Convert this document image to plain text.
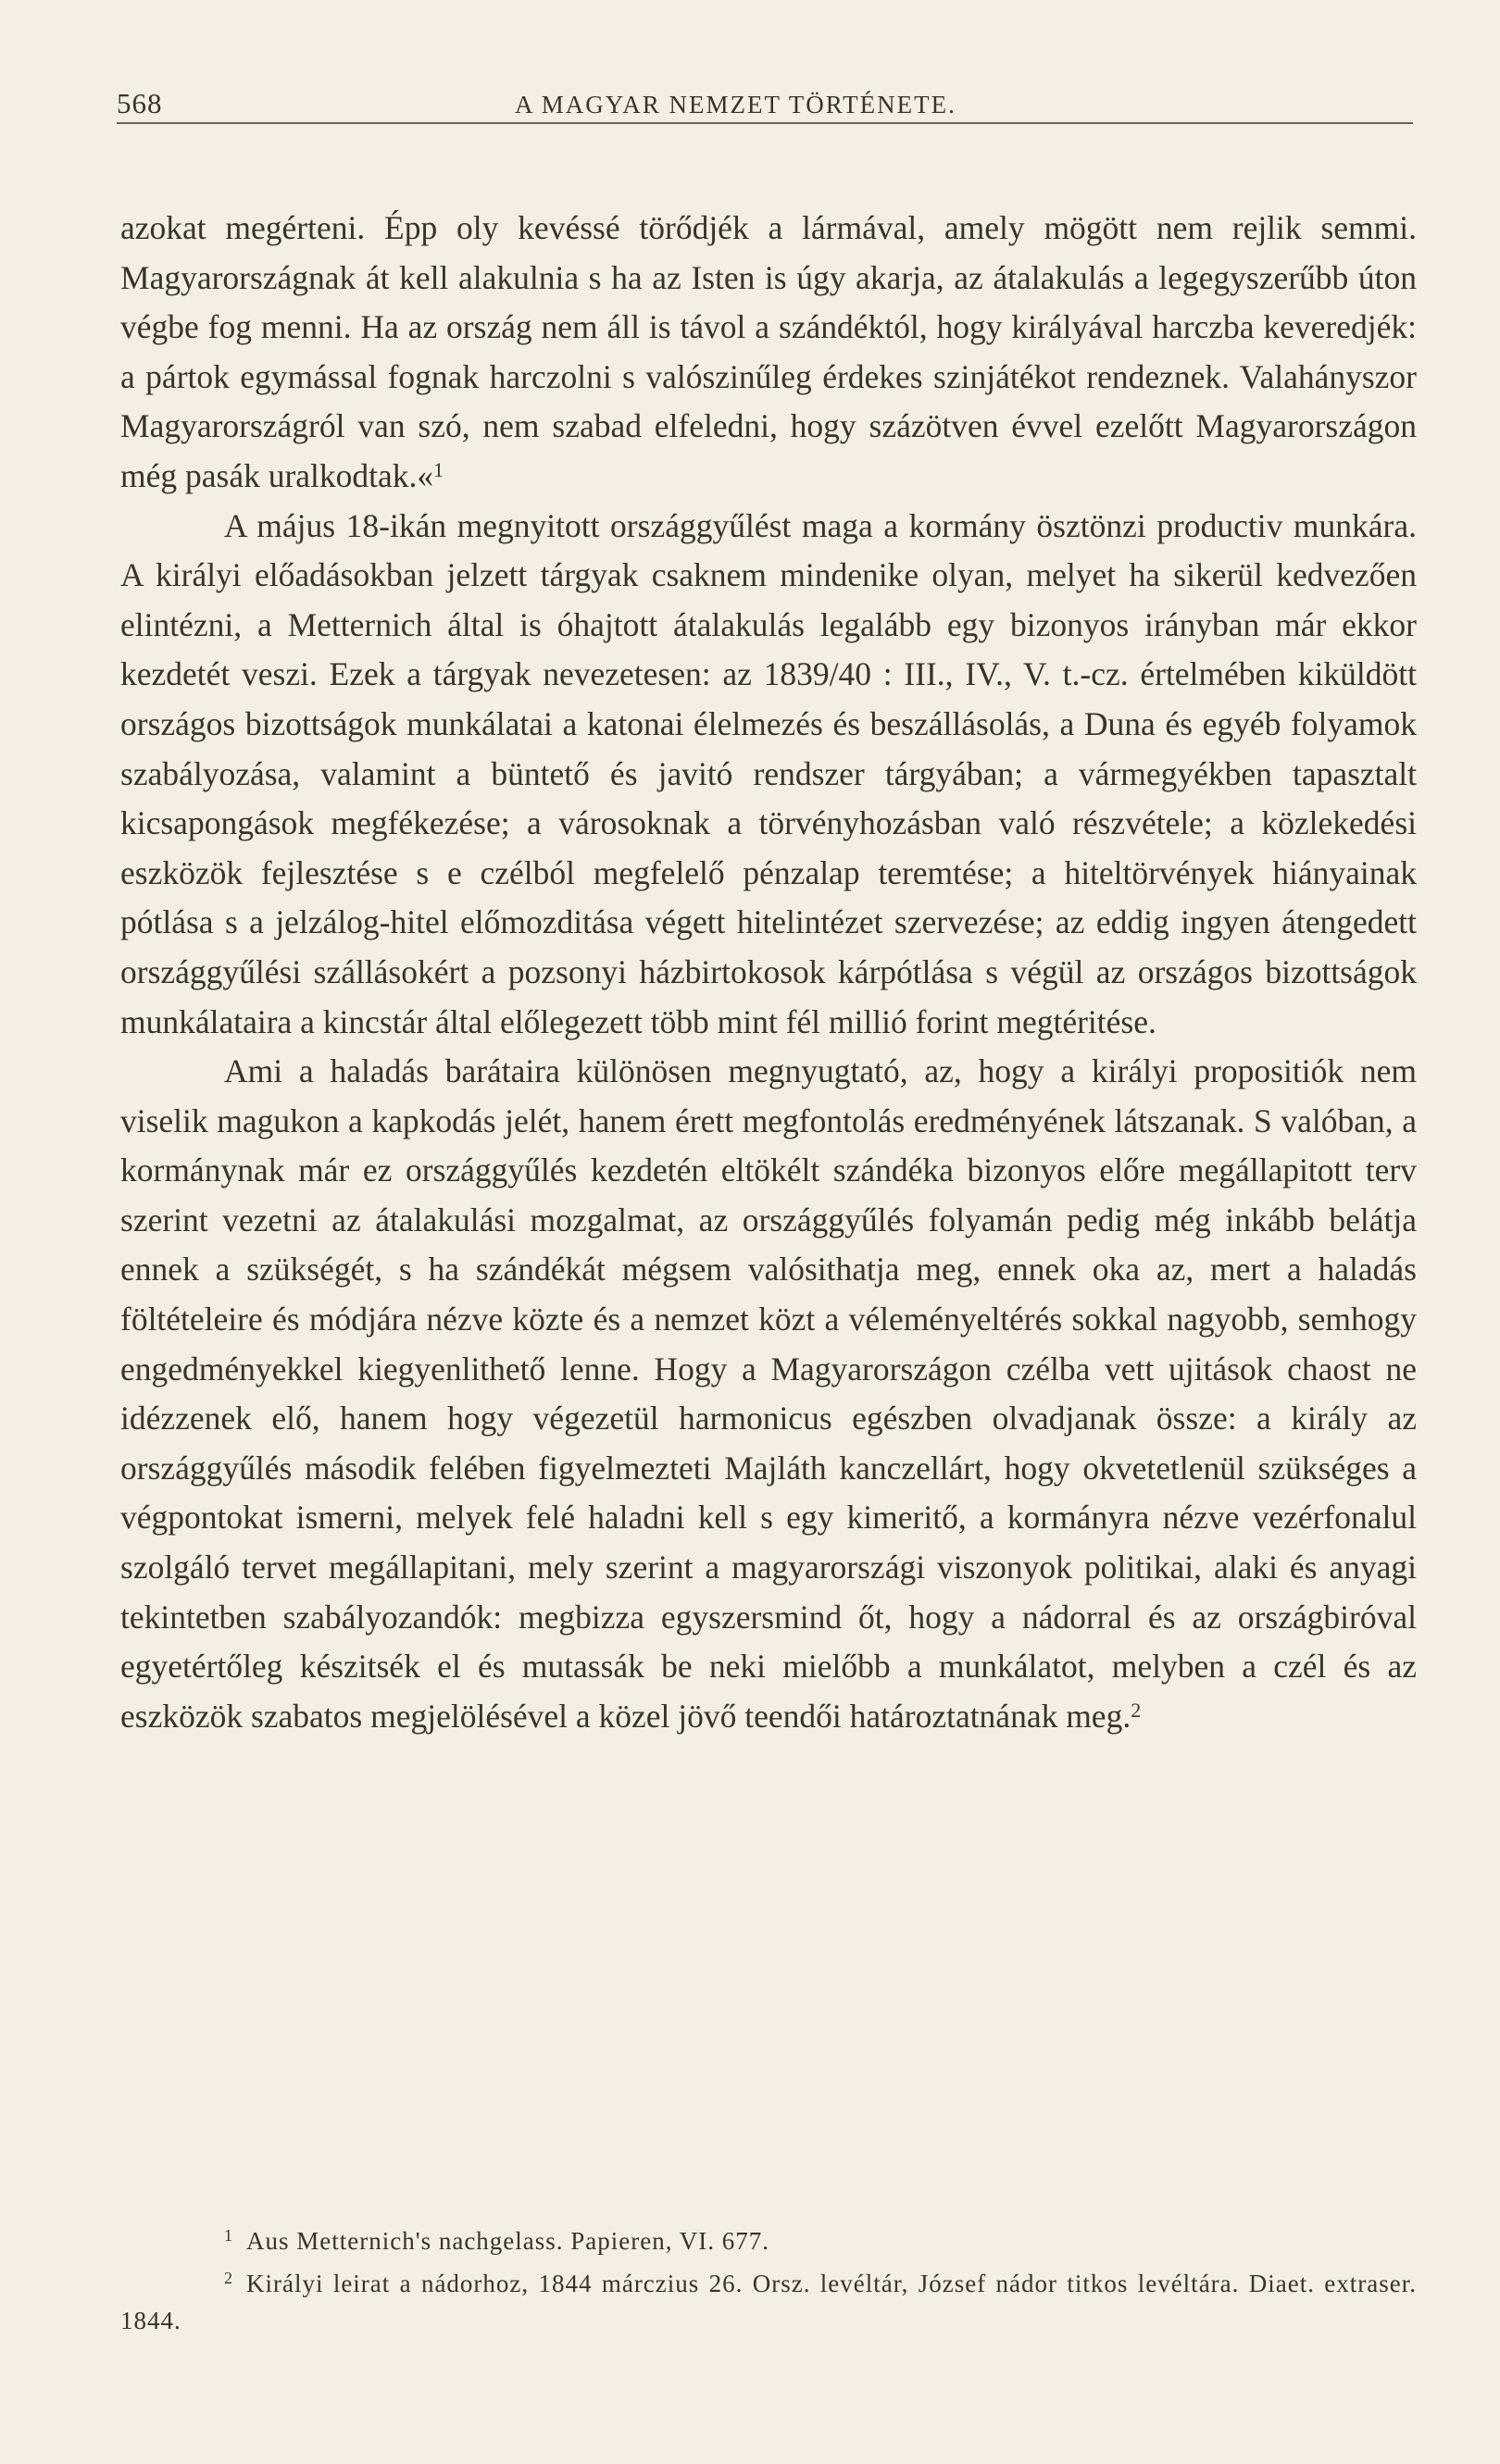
568	A MAGYAR NEMZET TÖRTÉNETE.

azokat megérteni. Épp oly kevéssé törődjék a lármával, amely mögött nem rejlik semmi. Magyarországnak át kell alakulnia s ha az Isten is úgy akarja, az átalakulás a legegyszerűbb úton végbe fog menni. Ha az ország nem áll is távol a szándéktól, hogy királyával harczba keveredjék: a pártok egymással fognak harczolni s valószinűleg érdekes szinjátékot rendeznek. Valahányszor Magyarországról van szó, nem szabad elfeledni, hogy százötven évvel ezelőtt Magyarországon még pasák uralkodtak.«$^1$

A május 18-ikán megnyitott országgyűlést maga a kormány ösztönzi productiv munkára. A királyi előadásokban jelzett tárgyak csaknem mindenike olyan, melyet ha sikerül kedvezően elintézni, a Metternich által is óhajtott átalakulás legalább egy bizonyos irányban már ekkor kezdetét veszi. Ezek a tárgyak nevezetesen: az 1839/40 : III., IV., V. t.-cz. értelmében kiküldött országos bizottságok munkálatai a katonai élelmezés és beszállásolás, a Duna és egyéb folyamok szabályozása, valamint a büntető és javitó rendszer tárgyában; a vármegyékben tapasztalt kicsapongások megfékezése; a városoknak a törvényhozásban való részvétele; a közlekedési eszközök fejlesztése s e czélból megfelelő pénzalap teremtése; a hiteltörvények hiányainak pótlása s a jelzálog-hitel előmozditása végett hitelintézet szervezése; az eddig ingyen átengedett országgyűlési szállásokért a pozsonyi házbirtokosok kárpótlása s végül az országos bizottságok munkálataira a kincstár által előlegezett több mint fél millió forint megtéritése.

Ami a haladás barátaira különösen megnyugtató, az, hogy a királyi propositiók nem viselik magukon a kapkodás jelét, hanem érett megfontolás eredményének látszanak. S valóban, a kormánynak már ez országgyűlés kezdetén eltökélt szándéka bizonyos előre megállapitott terv szerint vezetni az átalakulási mozgalmat, az országgyűlés folyamán pedig még inkább belátja ennek a szükségét, s ha szándékát mégsem valósithatja meg, ennek oka az, mert a haladás föltételeire és módjára nézve közte és a nemzet közt a véleményeltérés sokkal nagyobb, semhogy engedményekkel kiegyenlithető lenne. Hogy a Magyarországon czélba vett ujitások chaost ne idézzenek elő, hanem hogy végezetül harmonicus egészben olvadjanak össze: a király az országgyűlés második felében figyelmezteti Majláth kanczellárt, hogy okvetetlenül szükséges a végpontokat ismerni, melyek felé haladni kell s egy kimeritő, a kormányra nézve vezérfonalul szolgáló tervet megállapitani, mely szerint a magyarországi viszonyok politikai, alaki és anyagi tekintetben szabályozandók: megbizza egyszersmind őt, hogy a nádorral és az országbiróval egyetértőleg készitsék el és mutassák be neki mielőbb a munkálatot, melyben a czél és az eszközök szabatos megjelölésével a közel jövő teendői határoztatnának meg.$^2$

$^1$ Aus Metternich's nachgelass. Papieren, VI. 677.

$^2$ Királyi leirat a nádorhoz, 1844 márczius 26. Orsz. levéltár, József nádor titkos levéltára. Diaet. extraser. 1844.
